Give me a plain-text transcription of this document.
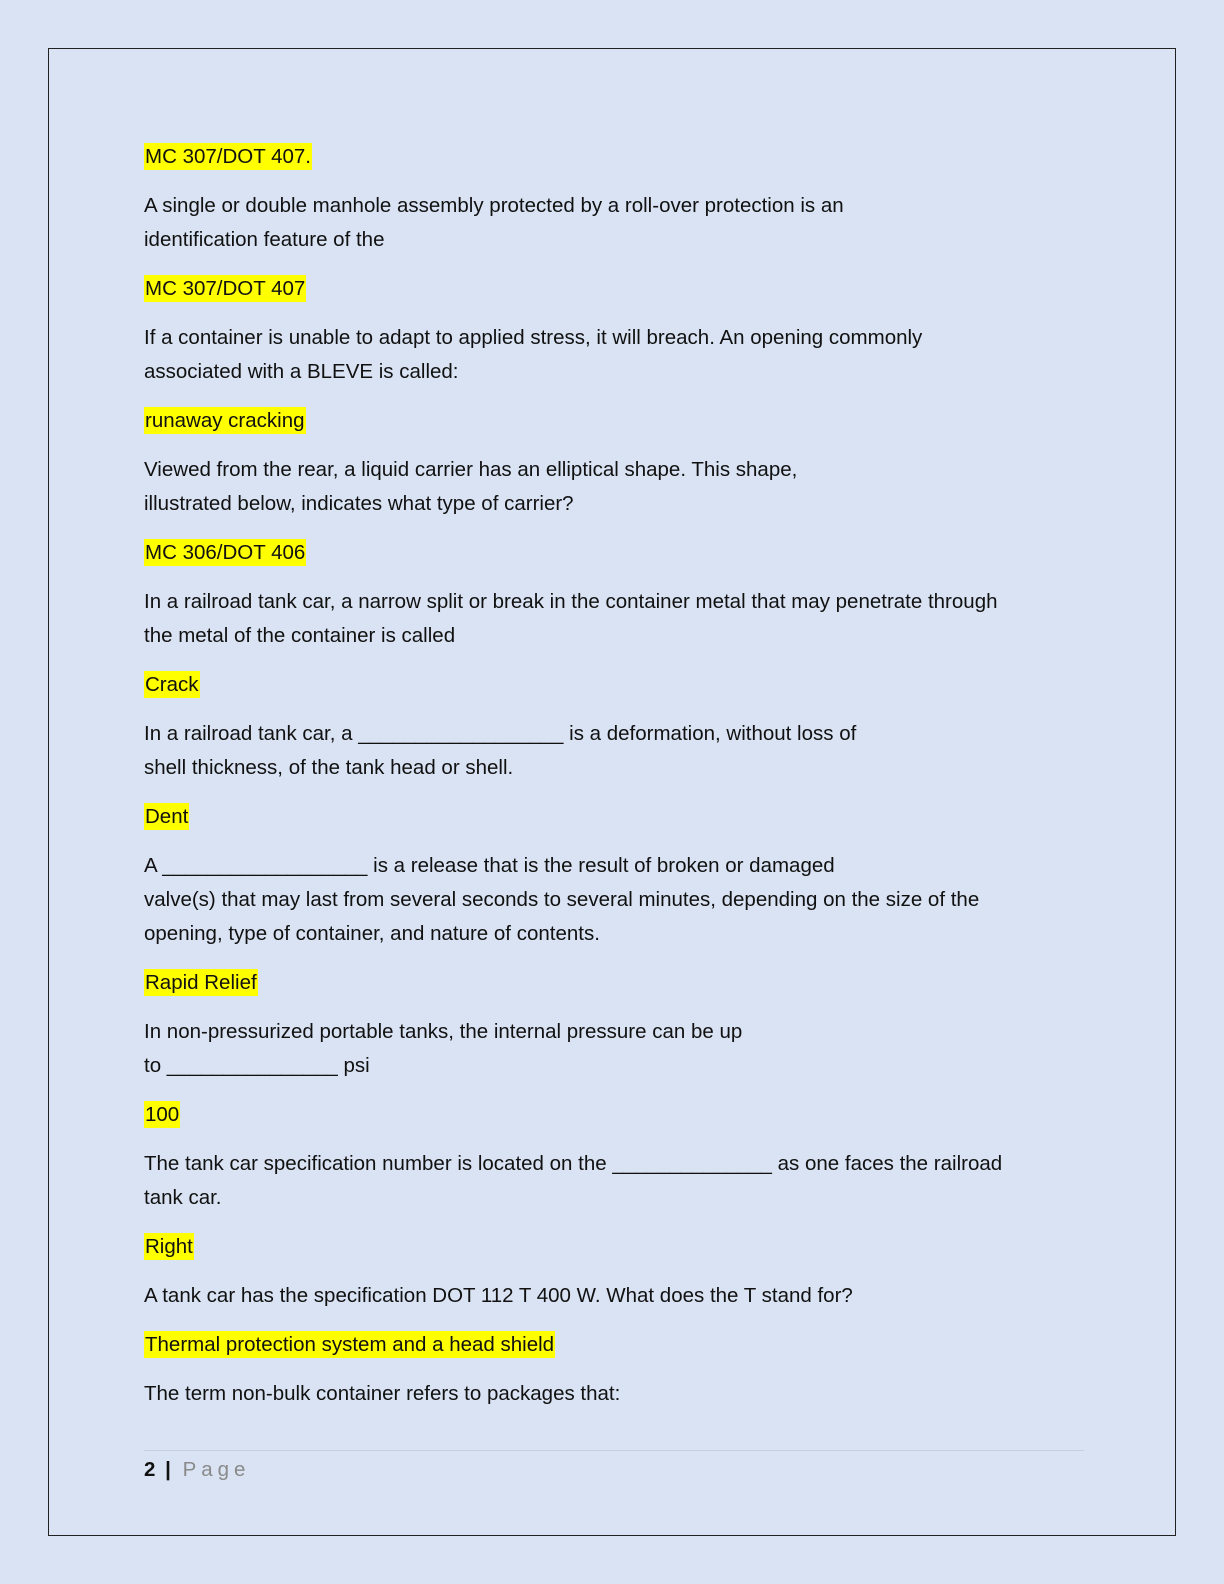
MC 307/DOT 407.
A single or double manhole assembly protected by a roll-over protection is an
identification feature of the
MC 307/DOT 407
If a container is unable to adapt to applied stress, it will breach. An opening commonly
associated with a BLEVE is called:
runaway cracking
Viewed from the rear, a liquid carrier has an elliptical shape. This shape,
illustrated below, indicates what type of carrier?
MC 306/DOT 406
In a railroad tank car, a narrow split or break in the container metal that may penetrate through
the metal of the container is called
Crack
In a railroad tank car, a __________________ is a deformation, without loss of
shell thickness, of the tank head or shell.
Dent
A __________________ is a release that is the result of broken or damaged
valve(s) that may last from several seconds to several minutes, depending on the size of the
opening, type of container, and nature of contents.
Rapid Relief
In non-pressurized portable tanks, the internal pressure can be up
to _______________ psi
100
The tank car specification number is located on the ______________ as one faces the railroad
tank car.
Right
A tank car has the specification DOT 112 T 400 W. What does the T stand for?
Thermal protection system and a head shield
The term non-bulk container refers to packages that:
2 | Page
